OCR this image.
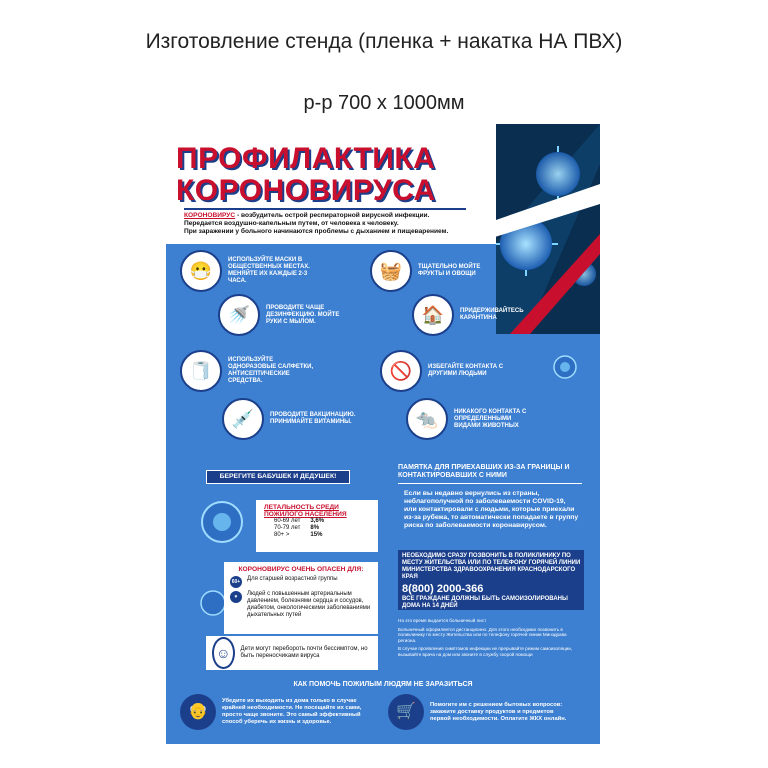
Изготовление стенда (пленка + накатка НА ПВХ)
р-р 700 х 1000мм
ПРОФИЛАКТИКА
КОРОНОВИРУСА
КОРОНОВИРУС - возбудитель острой респираторной вирусной инфекции.
Передается воздушно-капельным путем, от человека к человеку.
При заражении у больного начинаются проблемы с дыханием и пищеварением.
😷
ИСПОЛЬЗУЙТЕ МАСКИ В ОБЩЕСТВЕННЫХ МЕСТАХ. МЕНЯЙТЕ ИХ КАЖДЫЕ 2-3 ЧАСА.
🚿	ПРОВОДИТЕ ЧАЩЕ ДЕЗИНФЕКЦИЮ. МОЙТЕ РУКИ С МЫЛОМ.
🧻
ИСПОЛЬЗУЙТЕ ОДНОРАЗОВЫЕ САЛФЕТКИ, АНТИСЕПТИЧЕСКИЕ СРЕДСТВА.
💉	ПРОВОДИТЕ ВАКЦИНАЦИЮ. ПРИНИМАЙТЕ ВИТАМИНЫ.
🧺	ТЩАТЕЛЬНО МОЙТЕ ФРУКТЫ И ОВОЩИ
🏠	ПРИДЕРЖИВАЙТЕСЬ КАРАНТИНА
🚫	ИЗБЕГАЙТЕ КОНТАКТА С ДРУГИМИ ЛЮДЬМИ
🐀	НИКАКОГО КОНТАКТА С ОПРЕДЕЛЕННЫМИ ВИДАМИ ЖИВОТНЫХ
БЕРЕГИТЕ БАБУШЕК И ДЕДУШЕК!
ЛЕТАЛЬНОСТЬ СРЕДИ
ПОЖИЛОГО НАСЕЛЕНИЯ
60-69 лет	3,6%
70-79 лет	8%
80+ >	15%
КОРОНОВИРУС ОЧЕНЬ ОПАСЕН ДЛЯ:
60+ Для старшей возрастной группы
♥	Людей с повышенным артериальным давлением, болезнями сердца и сосудов, диабетом, онкологическими заболеваниями дыхательных путей
☺	Дети могут перебороть почти бессимптом, но быть переносчиками вируса
ПАМЯТКА ДЛЯ ПРИЕХАВШИХ ИЗ-ЗА ГРАНИЦЫ И КОНТАКТИРОВАВШИХ С НИМИ
Если вы недавно вернулись из страны, неблагополучной по заболеваемости COVID-19, или контактировали с людьми, которые приехали из-за рубежа, то автоматически попадаете в группу риска по заболеваемости коронавирусом.
НЕОБХОДИМО СРАЗУ ПОЗВОНИТЬ В ПОЛИКЛИНИКУ ПО МЕСТУ ЖИТЕЛЬСТВА ИЛИ ПО ТЕЛЕФОНУ ГОРЯЧЕЙ ЛИНИИ МИНИСТЕРСТВА ЗДРАВООХРАНЕНИЯ КРАСНОДАРСКОГО КРАЯ
8(800) 2000-366
ВСЕ ГРАЖДАНЕ ДОЛЖНЫ БЫТЬ САМОИЗОЛИРОВАНЫ ДОМА НА 14 ДНЕЙ

На это время выдается больничный лист

Больничный оформляется дистанционно. Для этого необходимо позвонить в поликлинику по месту Жительства или по телефону горячей линии Минздрава региона.

В случае проявления симптомов инфекции не прерывайте режим самоизоляции, вызывайте врача на дом или звоните в службу скорой помощи

КАК ПОМОЧЬ ПОЖИЛЫМ ЛЮДЯМ НЕ ЗАРАЗИТЬСЯ
👴
Убедите их выходить из дома только в случае крайней необходимости. Не посещайте их сами, просто чаще звоните. Это самый эффективный способ уберечь их жизнь и здоровье.
🛒	Помогите им с решением бытовых вопросов: закажите доставку продуктов и предметов первой необходимости. Оплатите ЖКХ онлайн.
